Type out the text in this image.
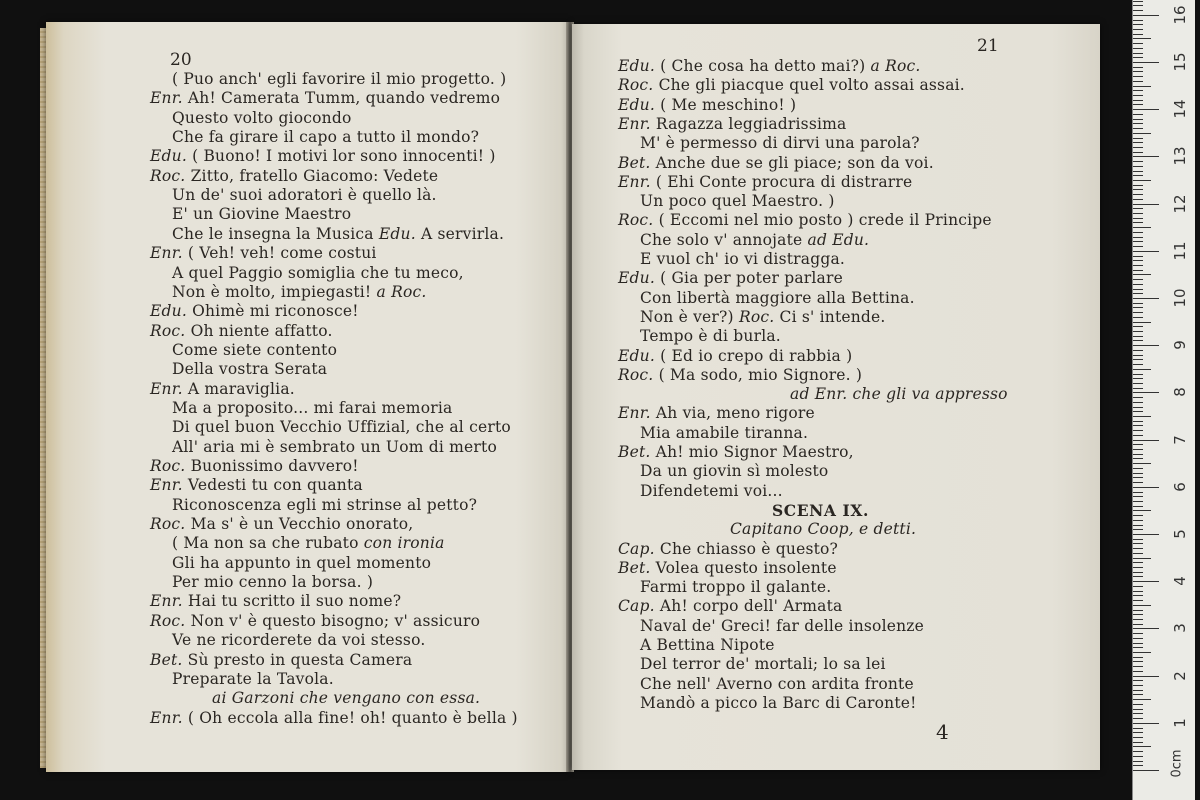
20
( Puo anch' egli favorire il mio progetto. )
Enr. Ah! Camerata Tumm, quando vedremo
Questo volto giocondo
Che fa girare il capo a tutto il mondo?
Edu. ( Buono! I motivi lor sono innocenti! )
Roc. Zitto, fratello Giacomo: Vedete
Un de' suoi adoratori è quello là.
E' un Giovine Maestro
Che le insegna la Musica Edu. A servirla.
Enr. ( Veh! veh! come costui
A quel Paggio somiglia che tu meco,
Non è molto, impiegasti! a Roc.
Edu. Ohimè mi riconosce!
Roc. Oh niente affatto.
Come siete contento
Della vostra Serata
Enr. A maraviglia.
Ma a proposito... mi farai memoria
Di quel buon Vecchio Uffizial, che al certo
All' aria mi è sembrato un Uom di merto
Roc. Buonissimo davvero!
Enr. Vedesti tu con quanta
Riconoscenza egli mi strinse al petto?
Roc. Ma s' è un Vecchio onorato,
( Ma non sa che rubato con ironia
Gli ha appunto in quel momento
Per mio cenno la borsa. )
Enr. Hai tu scritto il suo nome?
Roc. Non v' è questo bisogno; v' assicuro
Ve ne ricorderete da voi stesso.
Bet. Sù presto in questa Camera
Preparate la Tavola.
ai Garzoni che vengano con essa.
Enr. ( Oh eccola alla fine! oh! quanto è bella )
21
Edu. ( Che cosa ha detto mai?) a Roc.
Roc. Che gli piacque quel volto assai assai.
Edu. ( Me meschino! )
Enr. Ragazza leggiadrissima
M' è permesso di dirvi una parola?
Bet. Anche due se gli piace; son da voi.
Enr. ( Ehi Conte procura di distrarre
Un poco quel Maestro. )
Roc. ( Eccomi nel mio posto ) crede il Principe
Che solo v' annojate ad Edu.
E vuol ch' io vi distragga.
Edu. ( Gia per poter parlare
Con libertà maggiore alla Bettina.
Non è ver?) Roc. Ci s' intende.
Tempo è di burla.
Edu. ( Ed io crepo di rabbia )
Roc. ( Ma sodo, mio Signore. )
ad Enr. che gli va appresso
Enr. Ah via, meno rigore
Mia amabile tiranna.
Bet. Ah! mio Signor Maestro,
Da un giovin sì molesto
Difendetemi voi...
SCENA IX.
Capitano Coop, e detti.
Cap. Che chiasso è questo?
Bet. Volea questo insolente
Farmi troppo il galante.
Cap. Ah! corpo dell' Armata
Naval de' Greci! far delle insolenze
A Bettina Nipote
Del terror de' mortali; lo sa lei
Che nell' Averno con ardita fronte
Mandò a picco la Barc di Caronte!
4
0cm
1
2
3
4
5
6
7
8
9
10
11
12
13
14
15
16
